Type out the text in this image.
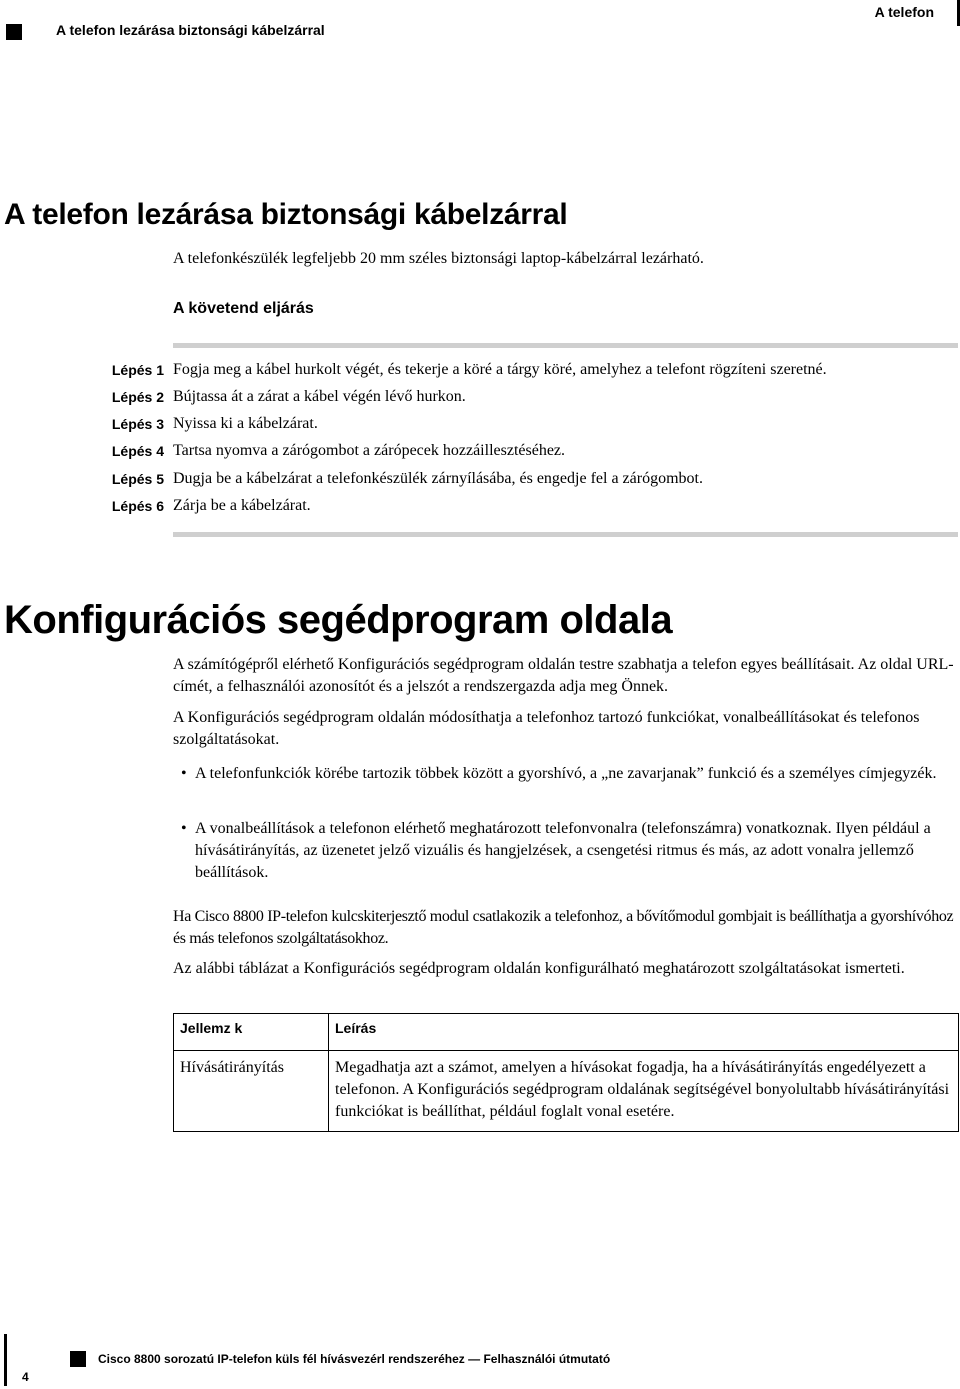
A telefon lezárása biztonsági kábelzárral
A telefon
A telefon lezárása biztonsági kábelzárral
A telefonkészülék legfeljebb 20 mm széles biztonsági laptop-kábelzárral lezárható.
A követend eljárás
Lépés 1 Fogja meg a kábel hurkolt végét, és tekerje a köré a tárgy köré, amelyhez a telefont rögzíteni szeretné.
Lépés 2 Bújtassa át a zárat a kábel végén lévő hurkon.
Lépés 3 Nyissa ki a kábelzárat.
Lépés 4 Tartsa nyomva a zárógombot a zárópecek hozzáillesztéséhez.
Lépés 5 Dugja be a kábelzárat a telefonkészülék zárnyílásába, és engedje fel a zárógombot.
Lépés 6 Zárja be a kábelzárat.
Konfigurációs segédprogram oldala
A számítógépről elérhető Konfigurációs segédprogram oldalán testre szabhatja a telefon egyes beállításait. Az oldal URL-címét, a felhasználói azonosítót és a jelszót a rendszergazda adja meg Önnek.
A Konfigurációs segédprogram oldalán módosíthatja a telefonhoz tartozó funkciókat, vonalbeállításokat és telefonos szolgáltatásokat.
• A telefonfunkciók körébe tartozik többek között a gyorshívó, a „ne zavarjanak” funkció és a személyes címjegyzék.
• A vonalbeállítások a telefonon elérhető meghatározott telefonvonalra (telefonszámra) vonatkoznak. Ilyen például a hívásátirányítás, az üzenetet jelző vizuális és hangjelzések, a csengetési ritmus és más, az adott vonalra jellemző beállítások.
Ha Cisco 8800 IP-telefon kulcskiterjesztő modul csatlakozik a telefonhoz, a bővítőmodul gombjait is beállíthatja a gyorshívóhoz és más telefonos szolgáltatásokhoz.
Az alábbi táblázat a Konfigurációs segédprogram oldalán konfigurálható meghatározott szolgáltatásokat ismerteti.
Jellemz k	Leírás
Hívásátirányítás	Megadhatja azt a számot, amelyen a hívásokat fogadja, ha a hívásátirányítás engedélyezett a telefonon. A Konfigurációs segédprogram oldalának segítségével bonyolultabb hívásátirányítási funkciókat is beállíthat, például foglalt vonal esetére.
Cisco 8800 sorozatú IP-telefon küls fél hívásvezérl rendszeréhez — Felhasználói útmutató
4
